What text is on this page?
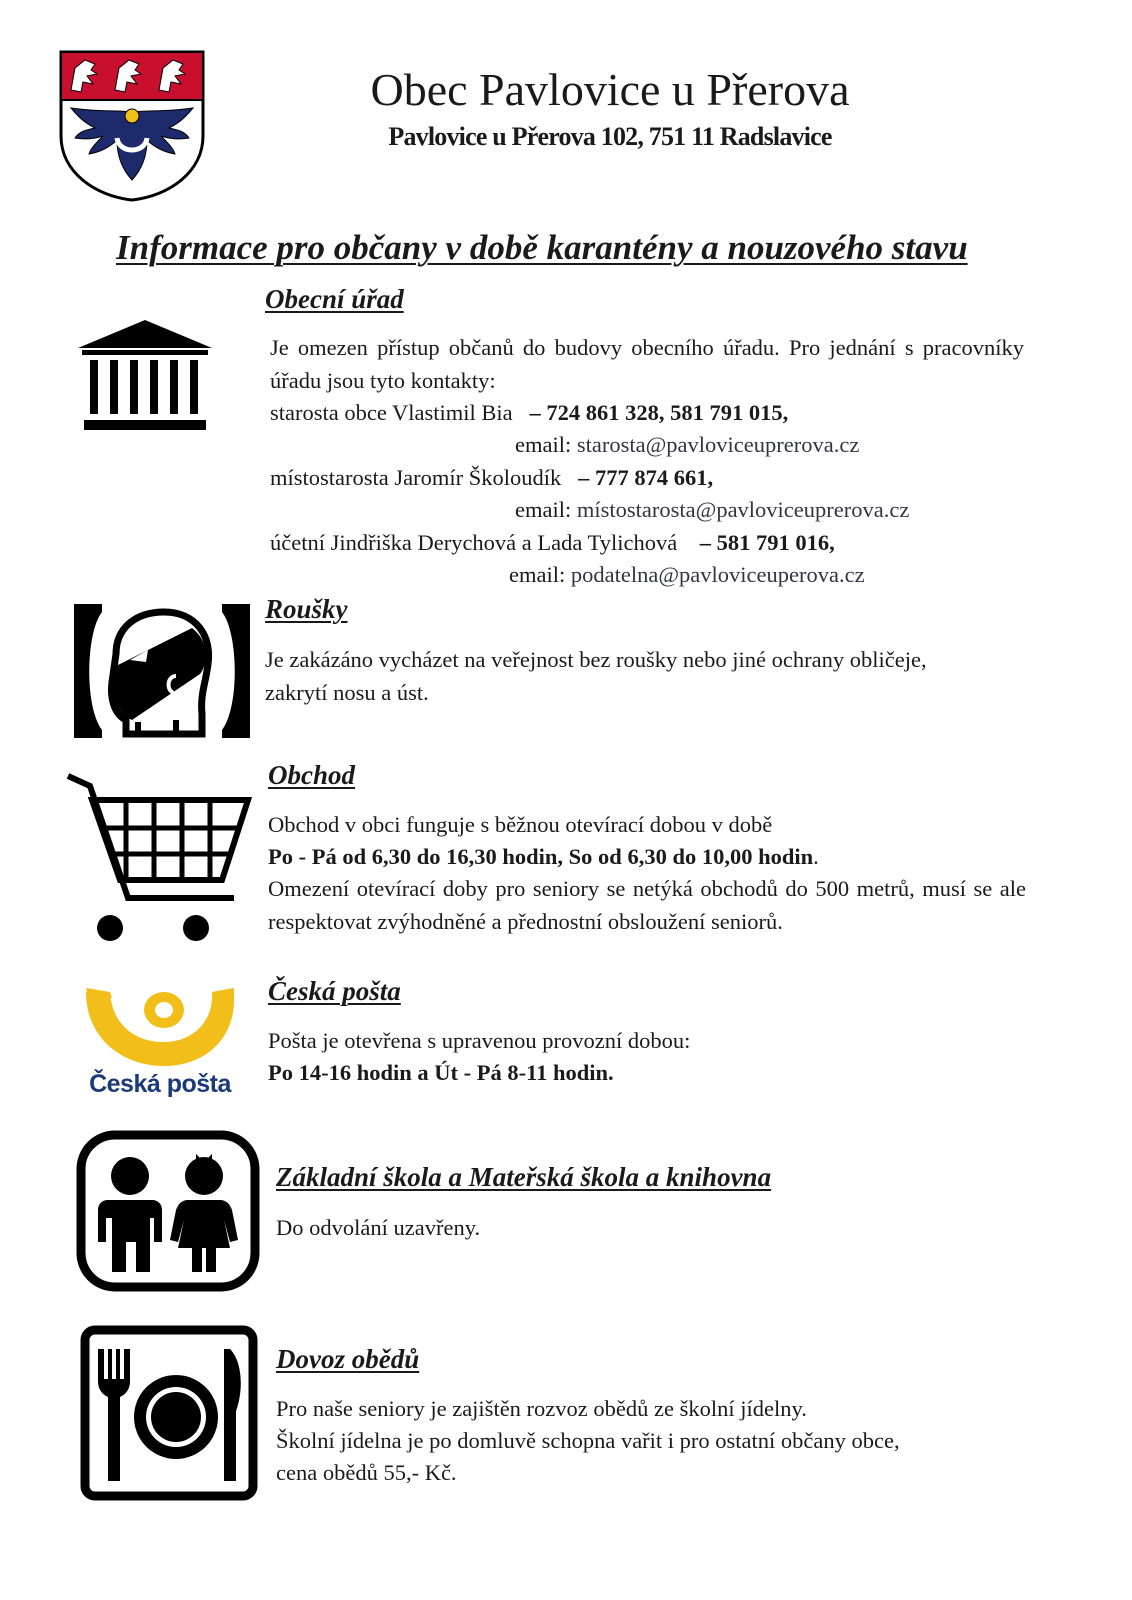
Obec Pavlovice u Přerova
Pavlovice u Přerova 102, 751 11 Radslavice
Informace pro občany v době karantény a nouzového stavu
Obecní úřad
Je omezen přístup občanů do budovy obecního úřadu. Pro jednání s pracovníky úřadu jsou tyto kontakty:
starosta obce Vlastimil Bia – 724 861 328, 581 791 015,
email: starosta@pavloviceuprerova.cz
místostarosta Jaromír Školoudík – 777 874 661,
email: místostarosta@pavloviceuprerova.cz
účetní Jindřiška Derychová a Lada Tylichová – 581 791 016,
email: podatelna@pavloviceuperova.cz
Roušky
Je zakázáno vycházet na veřejnost bez roušky nebo jiné ochrany obličeje, zakrytí nosu a úst.
Obchod
Obchod v obci funguje s běžnou otevírací dobou v době
Po - Pá od 6,30 do 16,30 hodin, So od 6,30 do 10,00 hodin.
Omezení otevírací doby pro seniory se netýká obchodů do 500 metrů, musí se ale respektovat zvýhodněné a přednostní obsloužení seniorů.
Česká pošta
Česká pošta
Pošta je otevřena s upravenou provozní dobou:
Po 14-16 hodin a Út - Pá 8-11 hodin.
Základní škola a Mateřská škola a knihovna
Do odvolání uzavřeny.
Dovoz obědů
Pro naše seniory je zajištěn rozvoz obědů ze školní jídelny.
Školní jídelna je po domluvě schopna vařit i pro ostatní občany obce,
cena obědů 55,- Kč.
